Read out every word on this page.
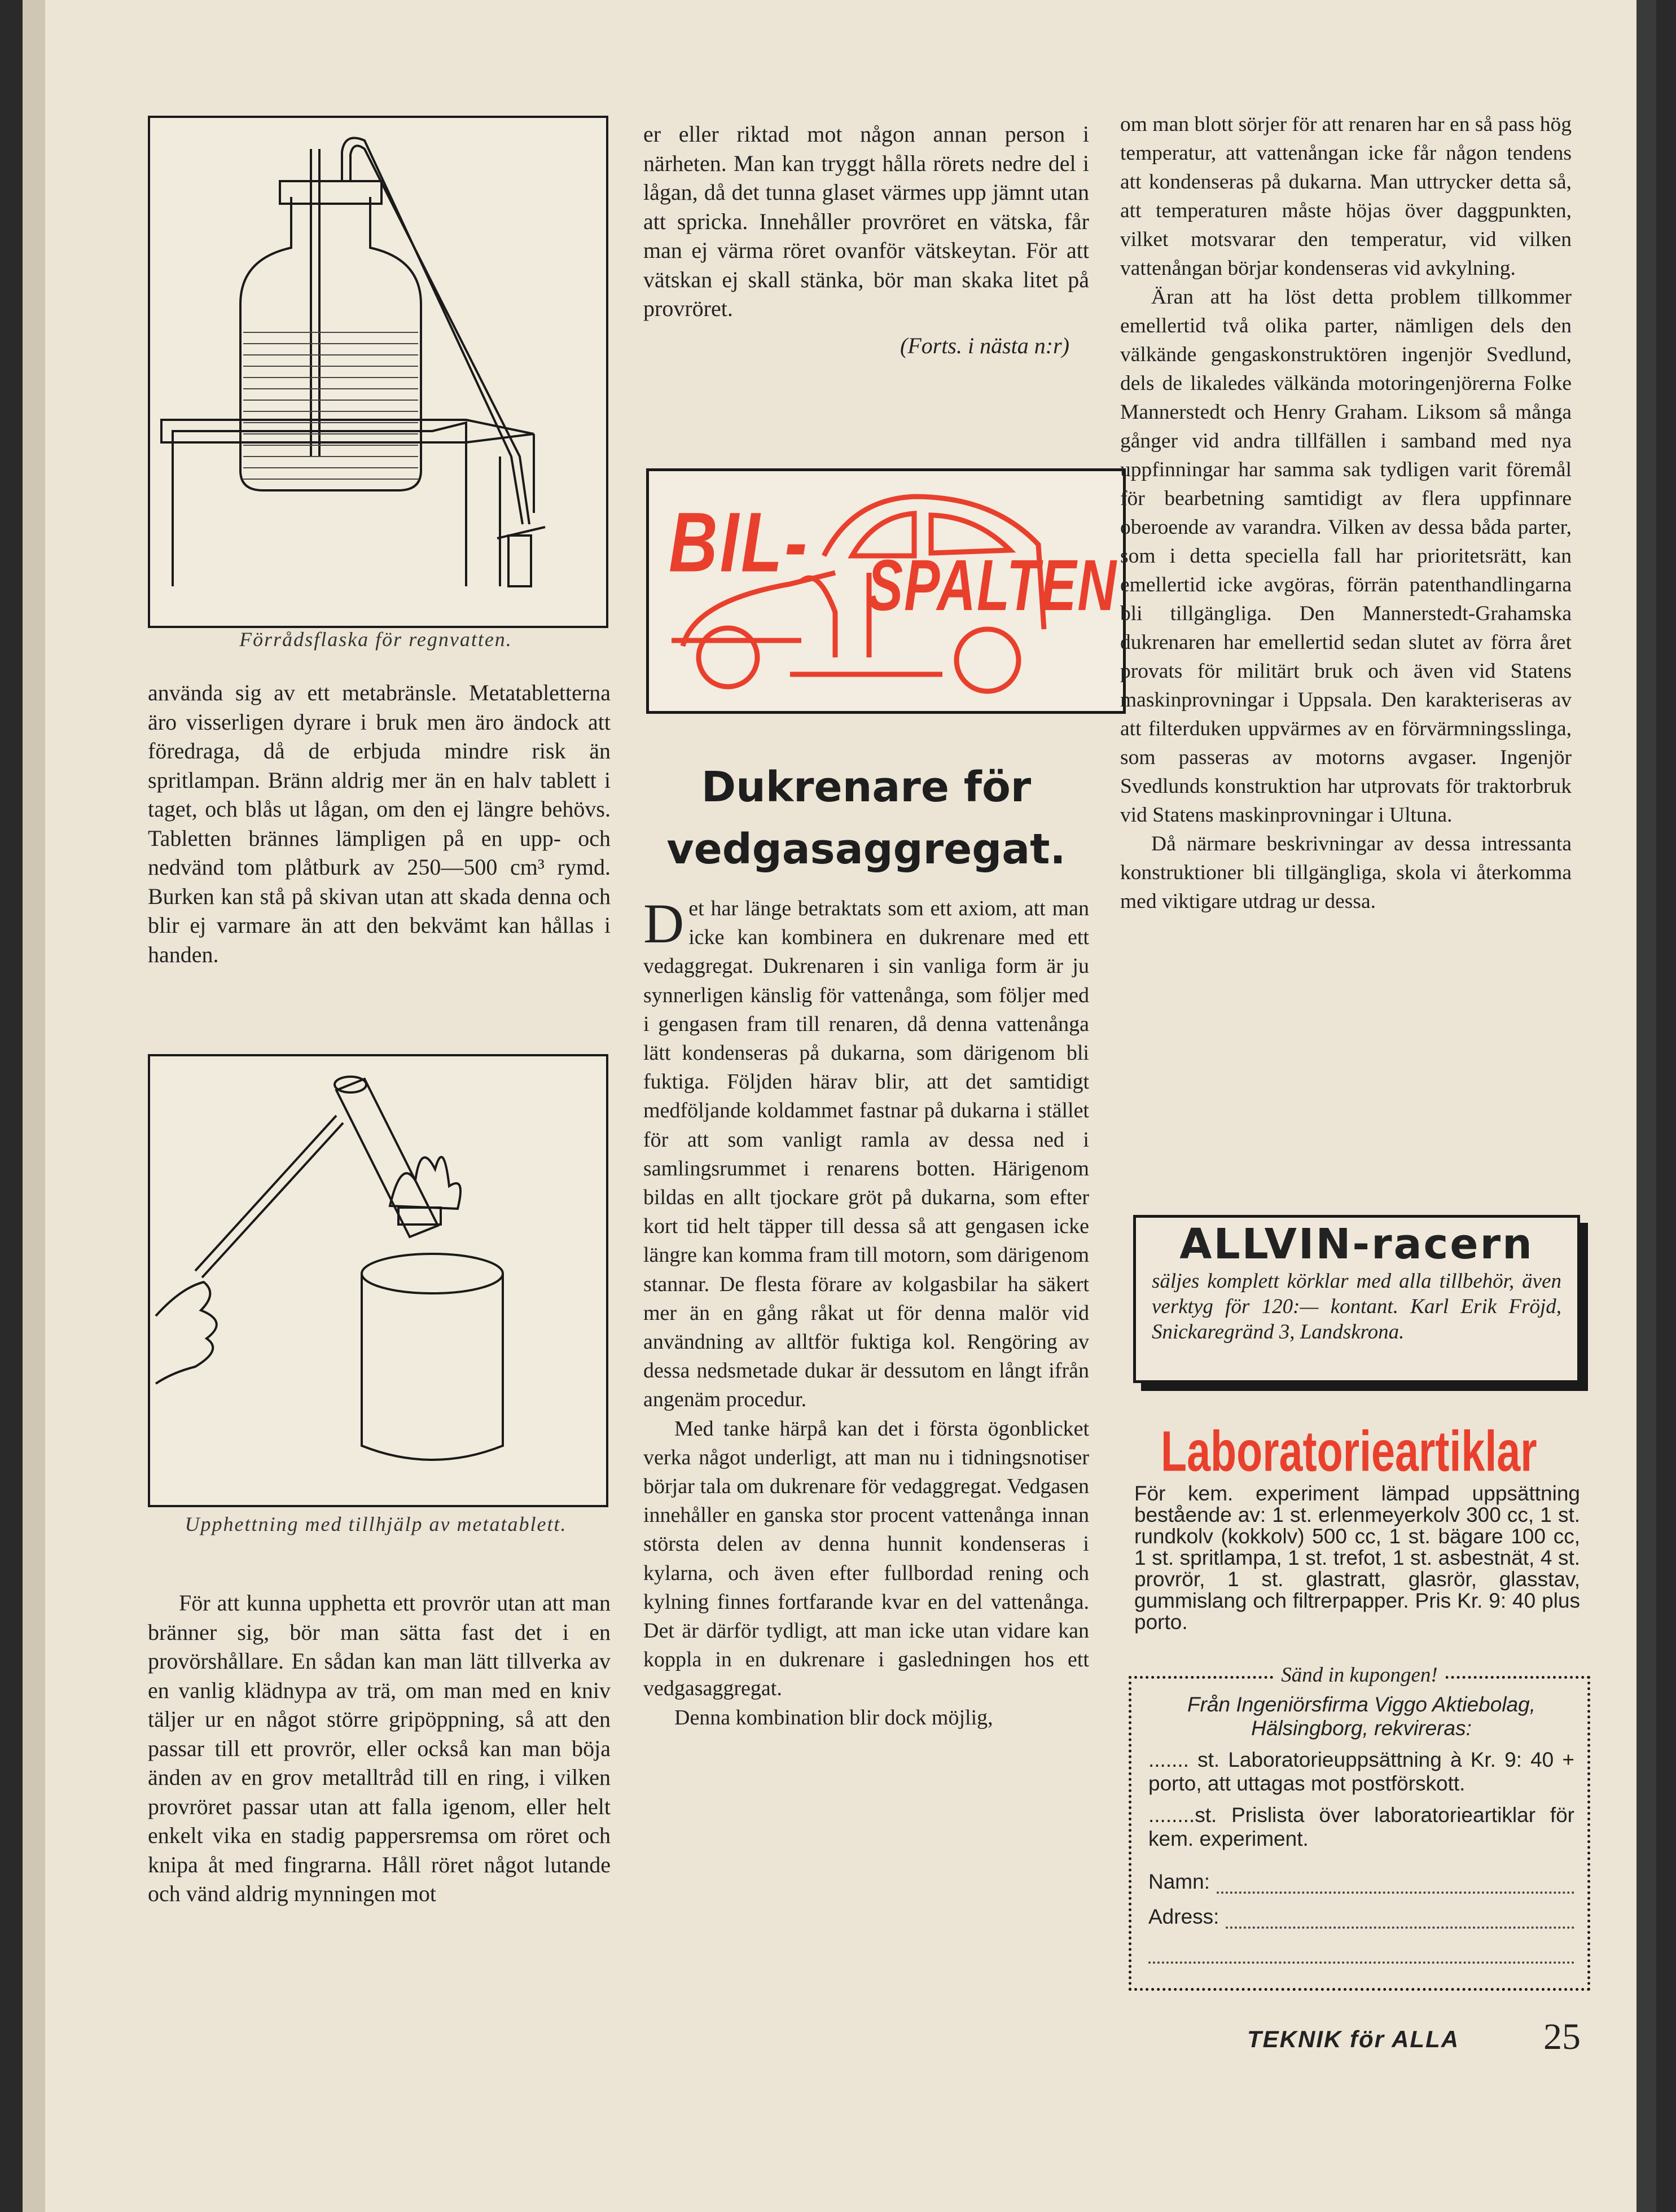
Förrådsflaska för regnvatten.

använda sig av ett metabränsle. Metatabletterna äro visserligen dyrare i bruk men äro ändock att föredraga, då de erbjuda mindre risk än spritlampan. Bränn aldrig mer än en halv tablett i taget, och blås ut lågan, om den ej längre behövs. Tabletten brännes lämpligen på en upp- och nedvänd tom plåtburk av 250—500 cm³ rymd. Burken kan stå på skivan utan att skada denna och blir ej varmare än att den bekvämt kan hållas i handen.

Upphettning med tillhjälp av metatablett.

För att kunna upphetta ett provrör utan att man bränner sig, bör man sätta fast det i en provörshållare. En sådan kan man lätt tillverka av en vanlig klädnypa av trä, om man med en kniv täljer ur en något större gripöppning, så att den passar till ett provrör, eller också kan man böja änden av en grov metalltråd till en ring, i vilken provröret passar utan att falla igenom, eller helt enkelt vika en stadig pappersremsa om röret och knipa åt med fingrarna. Håll röret något lutande och vänd aldrig mynningen mot

er eller riktad mot någon annan person i närheten. Man kan tryggt hålla rörets nedre del i lågan, då det tunna glaset värmes upp jämnt utan att spricka. Innehåller provröret en vätska, får man ej värma röret ovanför vätskeytan. För att vätskan ej skall stänka, bör man skaka litet på provröret.

(Forts. i nästa n:r)

BIL- SPALTEN
Dukrenare för vedgasaggregat.

Det har länge betraktats som ett axiom, att man icke kan kombinera en dukrenare med ett vedaggregat. Dukrenaren i sin vanliga form är ju synnerligen känslig för vattenånga, som följer med i gengasen fram till renaren, då denna vattenånga lätt kondenseras på dukarna, som därigenom bli fuktiga. Följden härav blir, att det samtidigt medföljande koldammet fastnar på dukarna i stället för att som vanligt ramla av dessa ned i samlingsrummet i renarens botten. Härigenom bildas en allt tjockare gröt på dukarna, som efter kort tid helt täpper till dessa så att gengasen icke längre kan komma fram till motorn, som därigenom stannar. De flesta förare av kolgasbilar ha säkert mer än en gång råkat ut för denna malör vid användning av alltför fuktiga kol. Rengöring av dessa nedsmetade dukar är dessutom en långt ifrån angenäm procedur.

Med tanke härpå kan det i första ögonblicket verka något underligt, att man nu i tidningsnotiser börjar tala om dukrenare för vedaggregat. Vedgasen innehåller en ganska stor procent vattenånga innan största delen av denna hunnit kondenseras i kylarna, och även efter fullbordad rening och kylning finnes fortfarande kvar en del vattenånga. Det är därför tydligt, att man icke utan vidare kan koppla in en dukrenare i gasledningen hos ett vedgasaggregat.

Denna kombination blir dock möjlig,

om man blott sörjer för att renaren har en så pass hög temperatur, att vattenångan icke får någon tendens att kondenseras på dukarna. Man uttrycker detta så, att temperaturen måste höjas över daggpunkten, vilket motsvarar den temperatur, vid vilken vattenångan börjar kondenseras vid avkylning.

Äran att ha löst detta problem tillkommer emellertid två olika parter, nämligen dels den välkände gengaskonstruktören ingenjör Svedlund, dels de likaledes välkända motoringenjörerna Folke Mannerstedt och Henry Graham. Liksom så många gånger vid andra tillfällen i samband med nya uppfinningar har samma sak tydligen varit föremål för bearbetning samtidigt av flera uppfinnare oberoende av varandra. Vilken av dessa båda parter, som i detta speciella fall har prioritetsrätt, kan emellertid icke avgöras, förrän patenthandlingarna bli tillgängliga. Den Mannerstedt-Grahamska dukrenaren har emellertid sedan slutet av förra året provats för militärt bruk och även vid Statens maskinprovningar i Uppsala. Den karakteriseras av att filterduken uppvärmes av en förvärmningsslinga, som passeras av motorns avgaser. Ingenjör Svedlunds konstruktion har utprovats för traktorbruk vid Statens maskinprovningar i Ultuna.

Då närmare beskrivningar av dessa intressanta konstruktioner bli tillgängliga, skola vi återkomma med viktigare utdrag ur dessa.

ALLVIN-racern
säljes komplett körklar med alla tillbehör, även verktyg för 120:— kontant. Karl Erik Fröjd, Snickaregränd 3, Landskrona.
Laboratorieartiklar
För kem. experiment lämpad uppsättning bestående av: 1 st. erlenmeyerkolv 300 cc, 1 st. rundkolv (kokkolv) 500 cc, 1 st. bägare 100 cc, 1 st. spritlampa, 1 st. trefot, 1 st. asbestnät, 4 st. provrör, 1 st. glastratt, glasrör, glasstav, gummislang och filtrerpapper. Pris Kr. 9: 40 plus porto.
Sänd in kupongen!

Från Ingeniörsfirma Viggo Aktiebolag, Hälsingborg, rekvireras:

....... st. Laboratorieuppsättning à Kr. 9: 40 + porto, att uttagas mot postförskott.

........st. Prislista över laboratorieartiklar för kem. experiment.

Namn:
Adress:
TEKNIK för ALLA 25
